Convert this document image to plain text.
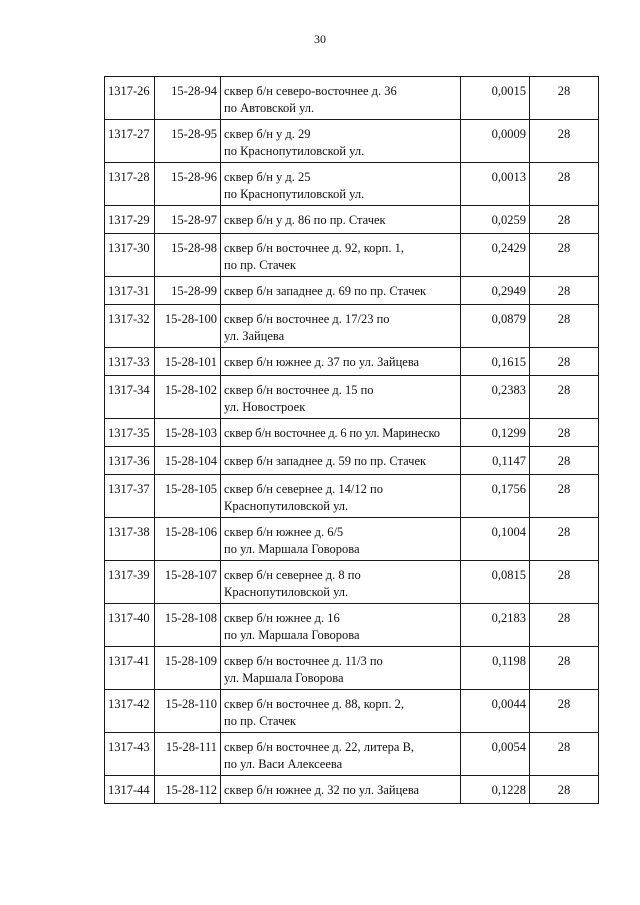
30
1317-26	15-28-94	сквер б/н северо-восточнее д. 36
по Автовской ул.	0,0015	28
1317-27	15-28-95	сквер б/н у д. 29
по Краснопутиловской ул.	0,0009	28
1317-28	15-28-96	сквер б/н у д. 25
по Краснопутиловской ул.	0,0013	28
1317-29	15-28-97	сквер б/н у д. 86 по пр. Стачек	0,0259	28
1317-30	15-28-98	сквер б/н восточнее д. 92, корп. 1,
по пр. Стачек	0,2429	28
1317-31	15-28-99	сквер б/н западнее д. 69 по пр. Стачек	0,2949	28
1317-32	15-28-100	сквер б/н восточнее д. 17/23 по
ул. Зайцева	0,0879	28
1317-33	15-28-101	сквер б/н южнее д. 37 по ул. Зайцева	0,1615	28
1317-34	15-28-102	сквер б/н восточнее д. 15 по
ул. Новостроек	0,2383	28
1317-35	15-28-103	сквер б/н восточнее д. 6 по ул. Маринеско	0,1299	28
1317-36	15-28-104	сквер б/н западнее д. 59 по пр. Стачек	0,1147	28
1317-37	15-28-105	сквер б/н севернее д. 14/12 по
Краснопутиловской ул.	0,1756	28
1317-38	15-28-106	сквер б/н южнее д. 6/5
по ул. Маршала Говорова	0,1004	28
1317-39	15-28-107	сквер б/н севернее д. 8 по
Краснопутиловской ул.	0,0815	28
1317-40	15-28-108	сквер б/н южнее д. 16
по ул. Маршала Говорова	0,2183	28
1317-41	15-28-109	сквер б/н восточнее д. 11/3 по
ул. Маршала Говорова	0,1198	28
1317-42	15-28-110	сквер б/н восточнее д. 88, корп. 2,
по пр. Стачек	0,0044	28
1317-43	15-28-111	сквер б/н восточнее д. 22, литера В,
по ул. Васи Алексеева	0,0054	28
1317-44	15-28-112	сквер б/н южнее д. 32 по ул. Зайцева	0,1228	28
